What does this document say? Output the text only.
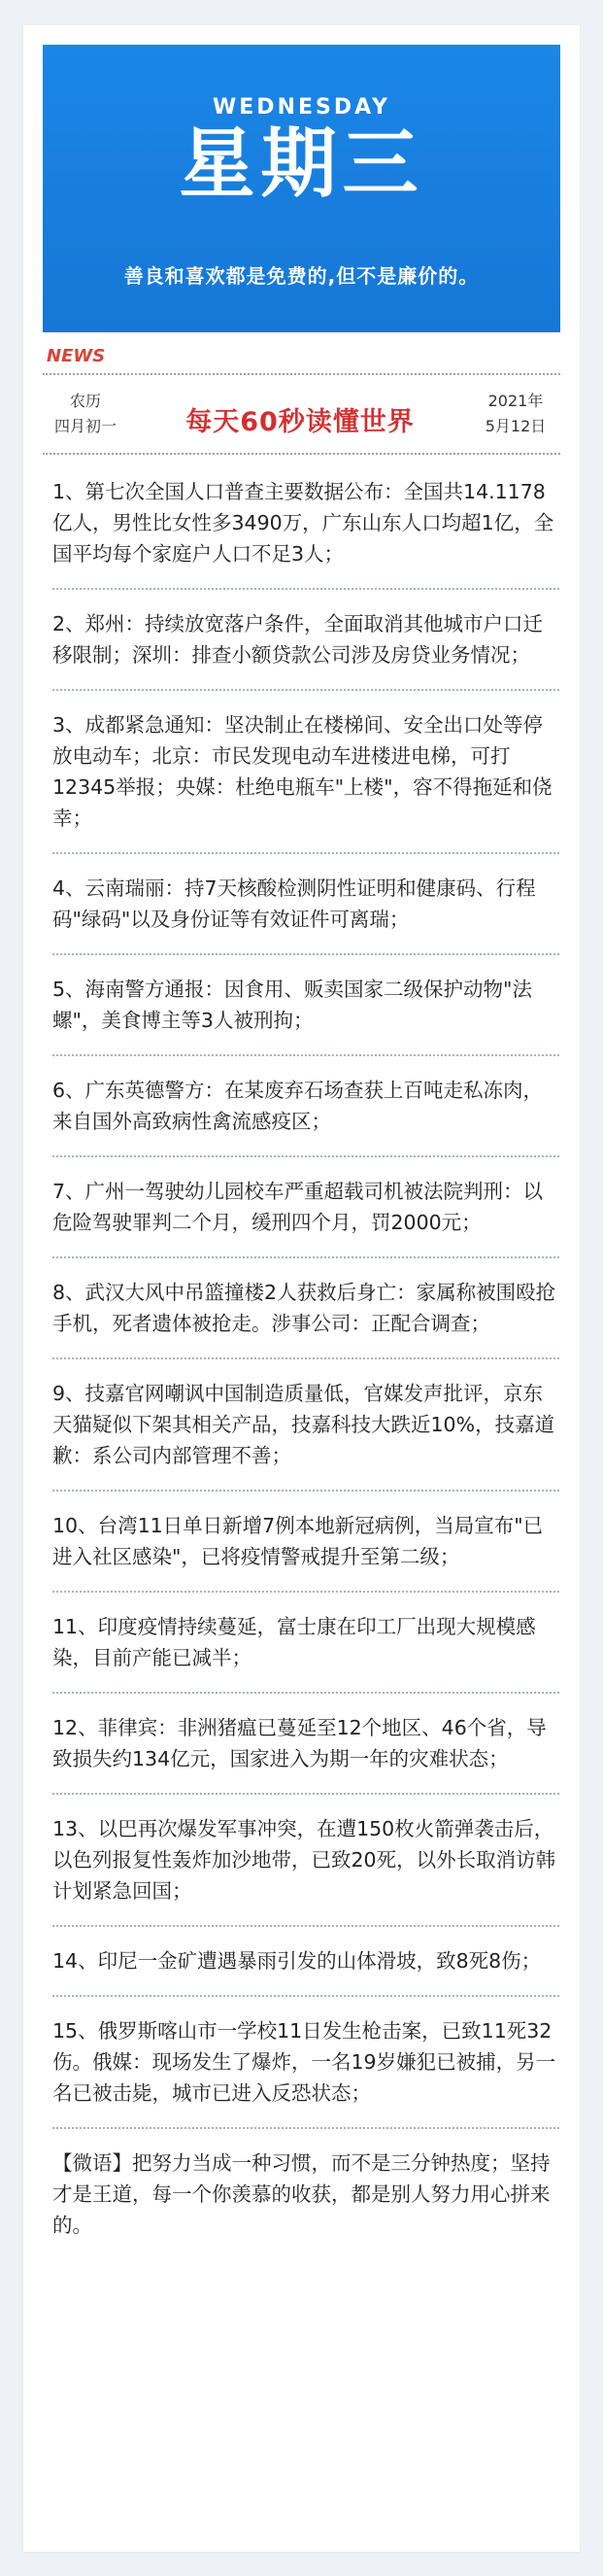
WEDNESDAY
星期三
善良和喜欢都是免费的,但不是廉价的。
NEWS
农历
四月初一	每天60秒读懂世界
2021年
5月12日
1、第七次全国人口普查主要数据公布：全国共14.1178亿人，男性比女性多3490万，广东山东人口均超1亿，全国平均每个家庭户人口不足3人；
2、郑州：持续放宽落户条件，全面取消其他城市户口迁移限制；深圳：排查小额贷款公司涉及房贷业务情况；
3、成都紧急通知：坚决制止在楼梯间、安全出口处等停放电动车；北京：市民发现电动车进楼进电梯，可打12345举报；央媒：杜绝电瓶车"上楼"，容不得拖延和侥幸；
4、云南瑞丽：持7天核酸检测阴性证明和健康码、行程码"绿码"以及身份证等有效证件可离瑞；
5、海南警方通报：因食用、贩卖国家二级保护动物"法螺"，美食博主等3人被刑拘；
6、广东英德警方：在某废弃石场查获上百吨走私冻肉，来自国外高致病性禽流感疫区；
7、广州一驾驶幼儿园校车严重超载司机被法院判刑：以危险驾驶罪判二个月，缓刑四个月，罚2000元；
8、武汉大风中吊篮撞楼2人获救后身亡：家属称被围殴抢手机，死者遗体被抢走。涉事公司：正配合调查；
9、技嘉官网嘲讽中国制造质量低，官媒发声批评，京东天猫疑似下架其相关产品，技嘉科技大跌近10%，技嘉道歉：系公司内部管理不善；
10、台湾11日单日新增7例本地新冠病例，当局宣布"已进入社区感染"，已将疫情警戒提升至第二级；
11、印度疫情持续蔓延，富士康在印工厂出现大规模感染，目前产能已减半；
12、菲律宾：非洲猪瘟已蔓延至12个地区、46个省，导致损失约134亿元，国家进入为期一年的灾难状态；
13、以巴再次爆发军事冲突，在遭150枚火箭弹袭击后，以色列报复性轰炸加沙地带，已致20死，以外长取消访韩计划紧急回国；
14、印尼一金矿遭遇暴雨引发的山体滑坡，致8死8伤；
15、俄罗斯喀山市一学校11日发生枪击案，已致11死32伤。俄媒：现场发生了爆炸，一名19岁嫌犯已被捕，另一名已被击毙，城市已进入反恐状态；
【微语】把努力当成一种习惯，而不是三分钟热度；坚持才是王道，每一个你羡慕的收获，都是别人努力用心拼来的。
